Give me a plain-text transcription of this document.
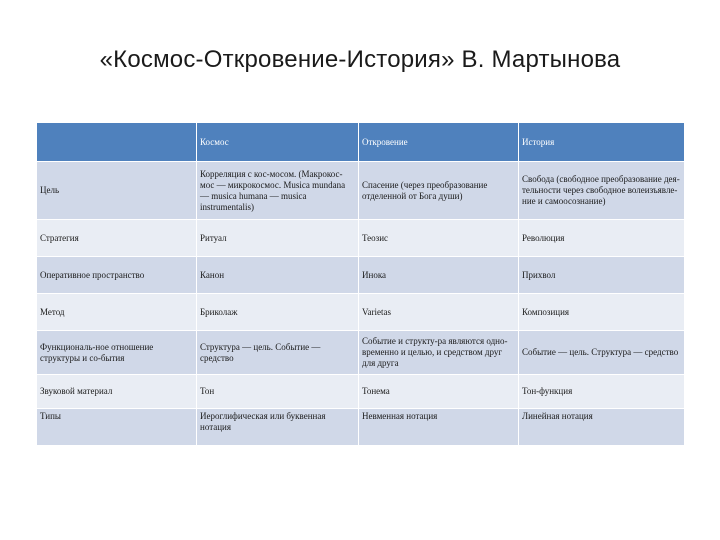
«Космос-Откровение-История» В. Мартынова
	Космос	Откровение	История
Цель	Корреляция с кос-мосом. (Макрокос-мос — микрокосмос. Musica mundana — musica humana — musica instrumentalis)	Спасение (через преобразование отделенной от Бога души)	Свобода (свободное преобразование дея-тельности через свободное волеизъявле-ние и самоосознание)
Стратегия	Ритуал	Теозис	Революция
Оперативное пространство	Канон	Инока	Прихвол
Метод	Бриколаж	Varietas	Композиция
Функциональ-ное отношение структуры и со-бытия	Структура — цель. Событие — средство	Событие и структу-ра являются одно-временно и целью, и средством друг для друга	Событие — цель. Структура — средство
Звуковой материал	Тон	Тонема	Тон-функция
Типы	Иероглифическая или буквенная нотация	Невменная нотация	Линейная нотация
